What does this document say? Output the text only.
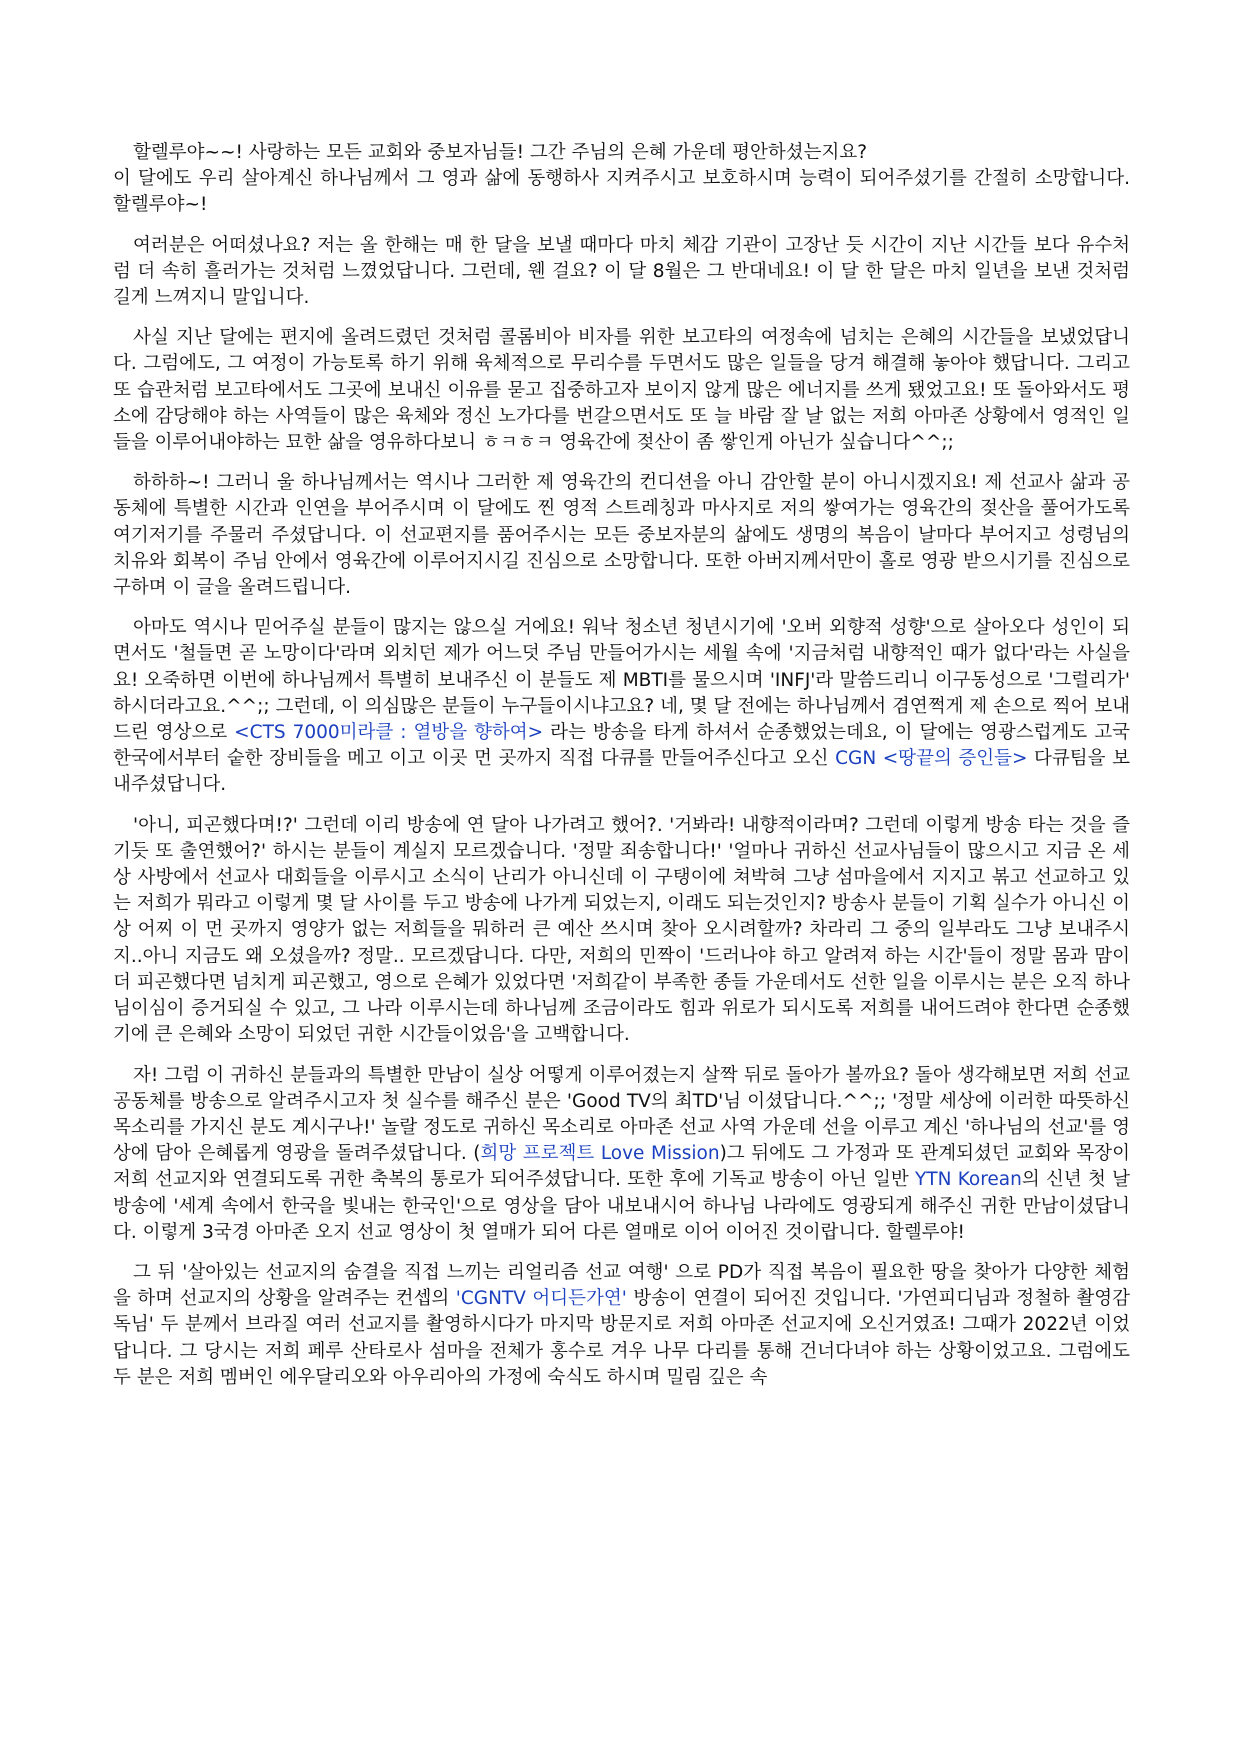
할렐루야~~! 사랑하는 모든 교회와 중보자님들! 그간 주님의 은혜 가운데 평안하셨는지요?
이 달에도 우리 살아계신 하나님께서 그 영과 삶에 동행하사 지켜주시고 보호하시며 능력이 되어주셨기를 간절히 소망합니다. 할렐루야~!

여러분은 어떠셨나요? 저는 올 한해는 매 한 달을 보낼 때마다 마치 체감 기관이 고장난 듯 시간이 지난 시간들 보다 유수처럼 더 속히 흘러가는 것처럼 느꼈었답니다. 그런데, 웬 걸요? 이 달 8월은 그 반대네요! 이 달 한 달은 마치 일년을 보낸 것처럼 길게 느껴지니 말입니다.

사실 지난 달에는 편지에 올려드렸던 것처럼 콜롬비아 비자를 위한 보고타의 여정속에 넘치는 은혜의 시간들을 보냈었답니다. 그럼에도, 그 여정이 가능토록 하기 위해 육체적으로 무리수를 두면서도 많은 일들을 당겨 해결해 놓아야 했답니다. 그리고 또 습관처럼 보고타에서도 그곳에 보내신 이유를 묻고 집중하고자 보이지 않게 많은 에너지를 쓰게 됐었고요! 또 돌아와서도 평소에 감당해야 하는 사역들이 많은 육체와 정신 노가다를 번갈으면서도 또 늘 바람 잘 날 없는 저희 아마존 상황에서 영적인 일들을 이루어내야하는 묘한 삶을 영유하다보니 ㅎㅋㅎㅋ 영육간에 젖산이 좀 쌓인게 아닌가 싶습니다^^;;

하하하~! 그러니 울 하나님께서는 역시나 그러한 제 영육간의 컨디션을 아니 감안할 분이 아니시겠지요! 제 선교사 삶과 공동체에 특별한 시간과 인연을 부어주시며 이 달에도 찐 영적 스트레칭과 마사지로 저의 쌓여가는 영육간의 젖산을 풀어가도록 여기저기를 주물러 주셨답니다. 이 선교편지를 품어주시는 모든 중보자분의 삶에도 생명의 복음이 날마다 부어지고 성령님의 치유와 회복이 주님 안에서 영육간에 이루어지시길 진심으로 소망합니다. 또한 아버지께서만이 홀로 영광 받으시기를 진심으로 구하며 이 글을 올려드립니다.

아마도 역시나 믿어주실 분들이 많지는 않으실 거에요! 워낙 청소년 청년시기에 '오버 외향적 성향'으로 살아오다 성인이 되면서도 '철들면 곧 노망이다'라며 외치던 제가 어느덧 주님 만들어가시는 세월 속에 '지금처럼 내향적인 때가 없다'라는 사실을요! 오죽하면 이번에 하나님께서 특별히 보내주신 이 분들도 제 MBTI를 물으시며 'INFJ'라 말씀드리니 이구동성으로 '그럴리가' 하시더라고요.^^;; 그런데, 이 의심많은 분들이 누구들이시냐고요? 네, 몇 달 전에는 하나님께서 겸연쩍게 제 손으로 찍어 보내드린 영상으로 <CTS 7000미라클 : 열방을 향하여> 라는 방송을 타게 하셔서 순종했었는데요, 이 달에는 영광스럽게도 고국 한국에서부터 숱한 장비들을 메고 이고 이곳 먼 곳까지 직접 다큐를 만들어주신다고 오신 CGN <땅끝의 증인들> 다큐팀을 보내주셨답니다.

'아니, 피곤했다며!?' 그런데 이리 방송에 연 달아 나가려고 했어?. '거봐라! 내향적이라며? 그런데 이렇게 방송 타는 것을 즐기듯 또 출연했어?' 하시는 분들이 계실지 모르겠습니다. '정말 죄송합니다!' '얼마나 귀하신 선교사님들이 많으시고 지금 온 세상 사방에서 선교사 대회들을 이루시고 소식이 난리가 아니신데 이 구탱이에 쳐박혀 그냥 섬마을에서 지지고 볶고 선교하고 있는 저희가 뭐라고 이렇게 몇 달 사이를 두고 방송에 나가게 되었는지, 이래도 되는것인지? 방송사 분들이 기획 실수가 아니신 이상 어찌 이 먼 곳까지 영양가 없는 저희들을 뭐하러 큰 예산 쓰시며 찾아 오시려할까? 차라리 그 중의 일부라도 그냥 보내주시지..아니 지금도 왜 오셨을까? 정말.. 모르겠답니다. 다만, 저희의 민짝이 '드러나야 하고 알려져 하는 시간'들이 정말 몸과 맘이 더 피곤했다면 넘치게 피곤했고, 영으로 은혜가 있었다면 '저희같이 부족한 종들 가운데서도 선한 일을 이루시는 분은 오직 하나님이심이 증거되실 수 있고, 그 나라 이루시는데 하나님께 조금이라도 힘과 위로가 되시도록 저희를 내어드려야 한다면 순종했기에 큰 은혜와 소망이 되었던 귀한 시간들이었음'을 고백합니다.

자! 그럼 이 귀하신 분들과의 특별한 만남이 실상 어떻게 이루어졌는지 살짝 뒤로 돌아가 볼까요? 돌아 생각해보면 저희 선교 공동체를 방송으로 알려주시고자 첫 실수를 해주신 분은 'Good TV의 최TD'님 이셨답니다.^^;; '정말 세상에 이러한 따뜻하신 목소리를 가지신 분도 계시구나!' 놀랄 정도로 귀하신 목소리로 아마존 선교 사역 가운데 선을 이루고 계신 '하나님의 선교'를 영상에 담아 은혜롭게 영광을 돌려주셨답니다. (희망 프로젝트 Love Mission)그 뒤에도 그 가정과 또 관계되셨던 교회와 목장이 저희 선교지와 연결되도록 귀한 축복의 통로가 되어주셨답니다. 또한 후에 기독교 방송이 아닌 일반 YTN Korean의 신년 첫 날 방송에 '세계 속에서 한국을 빛내는 한국인'으로 영상을 담아 내보내시어 하나님 나라에도 영광되게 해주신 귀한 만남이셨답니다. 이렇게 3국경 아마존 오지 선교 영상이 첫 열매가 되어 다른 열매로 이어 이어진 것이랍니다. 할렐루야!

그 뒤 '살아있는 선교지의 숨결을 직접 느끼는 리얼리즘 선교 여행' 으로 PD가 직접 복음이 필요한 땅을 찾아가 다양한 체험을 하며 선교지의 상황을 알려주는 컨셉의 'CGNTV 어디든가연' 방송이 연결이 되어진 것입니다. '가연피디님과 정철하 촬영감독님' 두 분께서 브라질 여러 선교지를 촬영하시다가 마지막 방문지로 저희 아마존 선교지에 오신거였죠! 그때가 2022년 이었답니다. 그 당시는 저희 페루 산타로사 섬마을 전체가 홍수로 겨우 나무 다리를 통해 건너다녀야 하는 상황이었고요. 그럼에도 두 분은 저희 멤버인 에우달리오와 아우리아의 가정에 숙식도 하시며 밀림 깊은 속
